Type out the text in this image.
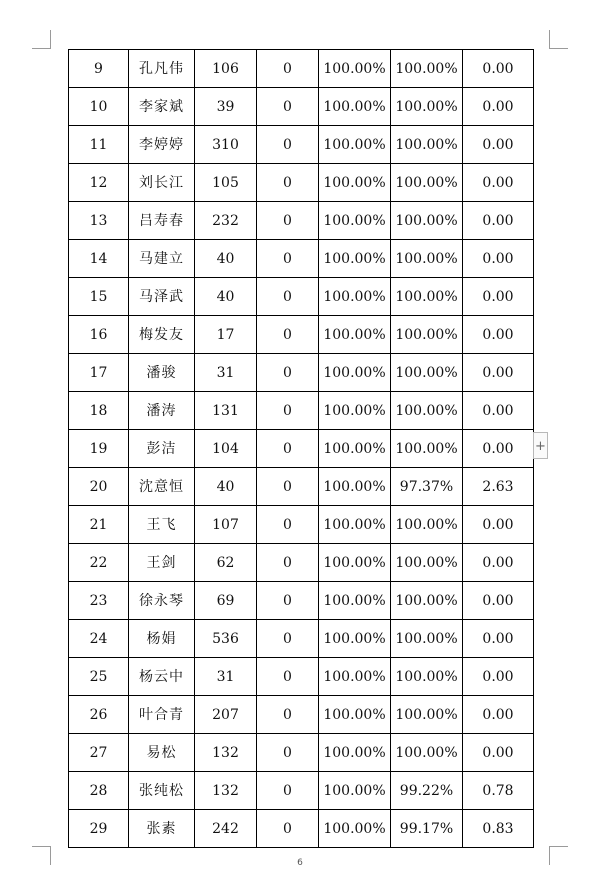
9	孔凡伟	106	0	100.00%	100.00%	0.00
10	李家斌	39	0	100.00%	100.00%	0.00
11	李婷婷	310	0	100.00%	100.00%	0.00
12	刘长江	105	0	100.00%	100.00%	0.00
13	吕寿春	232	0	100.00%	100.00%	0.00
14	马建立	40	0	100.00%	100.00%	0.00
15	马泽武	40	0	100.00%	100.00%	0.00
16	梅发友	17	0	100.00%	100.00%	0.00
17	潘骏	31	0	100.00%	100.00%	0.00
18	潘涛	131	0	100.00%	100.00%	0.00
19	彭洁	104	0	100.00%	100.00%	0.00
20	沈意恒	40	0	100.00%	97.37%	2.63
21	王飞	107	0	100.00%	100.00%	0.00
22	王剑	62	0	100.00%	100.00%	0.00
23	徐永琴	69	0	100.00%	100.00%	0.00
24	杨娟	536	0	100.00%	100.00%	0.00
25	杨云中	31	0	100.00%	100.00%	0.00
26	叶合青	207	0	100.00%	100.00%	0.00
27	易松	132	0	100.00%	100.00%	0.00
28	张纯松	132	0	100.00%	99.22%	0.78
29	张素	242	0	100.00%	99.17%	0.83
+
6
